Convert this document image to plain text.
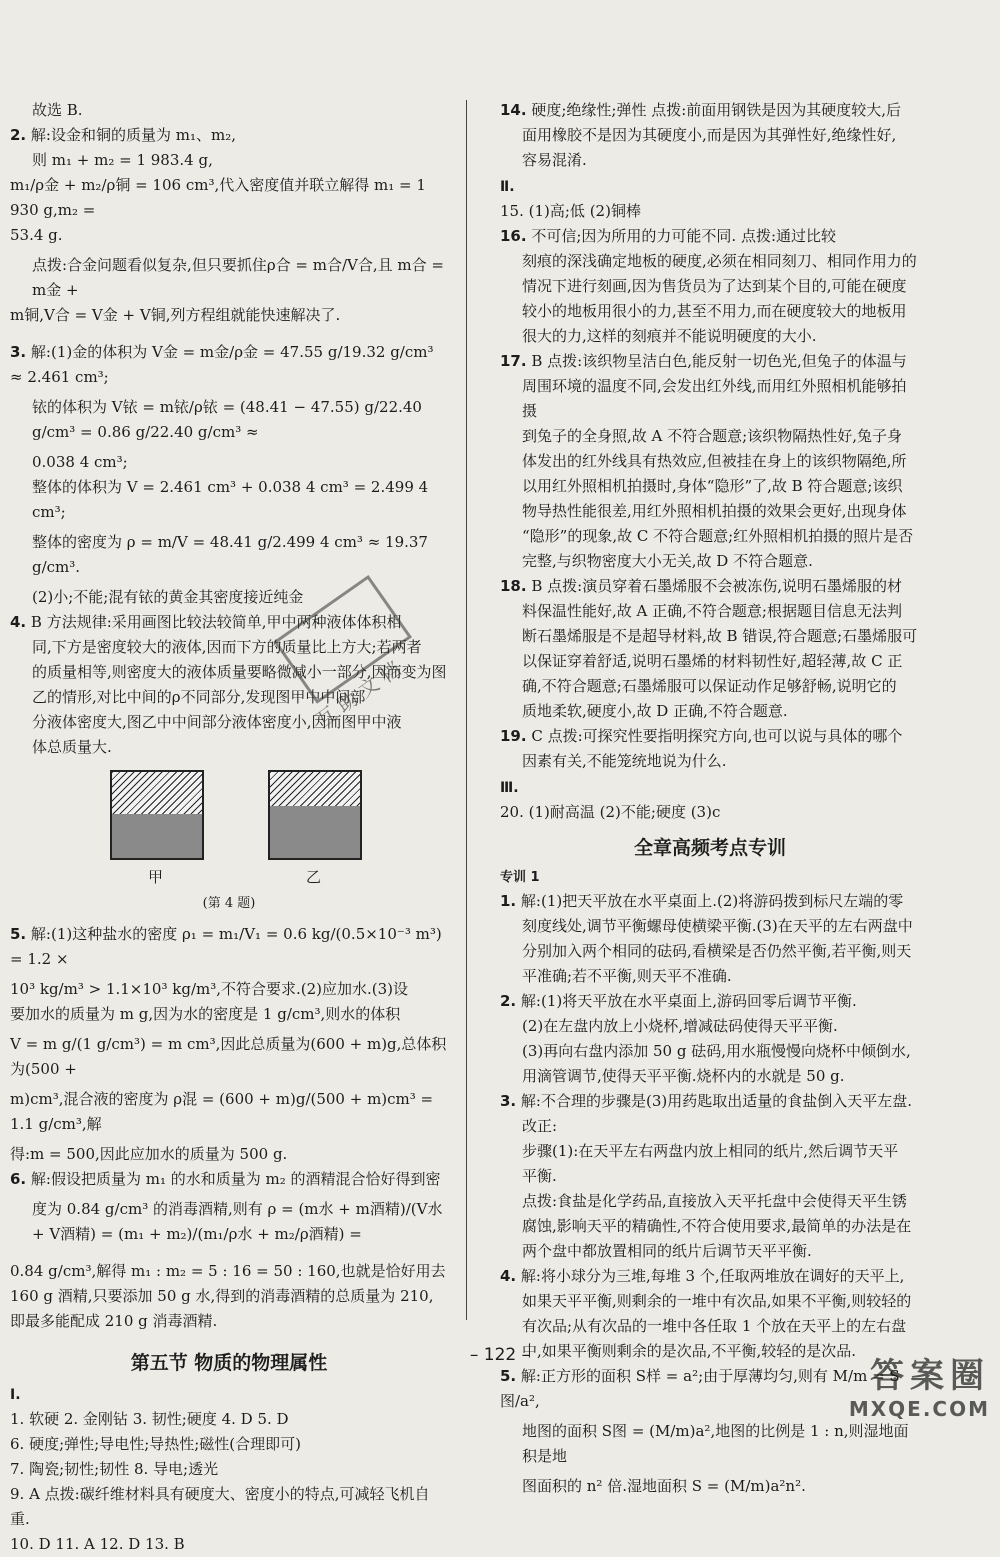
故选 B.

2. 解:设金和铜的质量为 m₁、m₂,

则 m₁ + m₂ = 1 983.4 g,

m₁/ρ金 + m₂/ρ铜 = 106 cm³,代入密度值并联立解得 m₁ = 1 930 g,m₂ =

53.4 g.

点拨:合金问题看似复杂,但只要抓住ρ合 = m合/V合,且 m合 = m金 +

m铜,V合 = V金 + V铜,列方程组就能快速解决了.

3. 解:(1)金的体积为 V金 = m金/ρ金 = 47.55 g/19.32 g/cm³ ≈ 2.461 cm³;

铱的体积为 V铱 = m铱/ρ铱 = (48.41 − 47.55) g/22.40 g/cm³ = 0.86 g/22.40 g/cm³ ≈

0.038 4 cm³;

整体的体积为 V = 2.461 cm³ + 0.038 4 cm³ = 2.499 4 cm³;

整体的密度为 ρ = m/V = 48.41 g/2.499 4 cm³ ≈ 19.37 g/cm³.

(2)小;不能;混有铱的黄金其密度接近纯金

4. B 方法规律:采用画图比较法较简单,甲中两种液体体积相

同,下方是密度较大的液体,因而下方的质量比上方大;若两者

的质量相等,则密度大的液体质量要略微减小一部分,因而变为图

乙的情形,对比中间的ρ不同部分,发现图甲中中间部

分液体密度大,图乙中中间部分液体密度小,因而图甲中液

体总质量大.

甲	乙
(第 4 题)

5. 解:(1)这种盐水的密度 ρ₁ = m₁/V₁ = 0.6 kg/(0.5×10⁻³ m³) = 1.2 ×

10³ kg/m³ > 1.1×10³ kg/m³,不符合要求.(2)应加水.(3)设

要加水的质量为 m g,因为水的密度是 1 g/cm³,则水的体积

V = m g/(1 g/cm³) = m cm³,因此总质量为(600 + m)g,总体积为(500 +

m)cm³,混合液的密度为 ρ混 = (600 + m)g/(500 + m)cm³ = 1.1 g/cm³,解

得:m = 500,因此应加水的质量为 500 g.

6. 解:假设把质量为 m₁ 的水和质量为 m₂ 的酒精混合恰好得到密

度为 0.84 g/cm³ 的消毒酒精,则有 ρ = (m水 + m酒精)/(V水 + V酒精) = (m₁ + m₂)/(m₁/ρ水 + m₂/ρ酒精) =

0.84 g/cm³,解得 m₁ : m₂ = 5 : 16 = 50 : 160,也就是恰好用去

160 g 酒精,只要添加 50 g 水,得到的消毒酒精的总质量为 210,

即最多能配成 210 g 消毒酒精.

第五节 物质的物理属性
Ⅰ.

1. 软硬 2. 金刚钻 3. 韧性;硬度 4. D 5. D

6. 硬度;弹性;导电性;导热性;磁性(合理即可)

7. 陶瓷;韧性;韧性 8. 导电;透光

9. A 点拨:碳纤维材料具有硬度大、密度小的特点,可减轻飞机自重.

10. D 11. A 12. D 13. B

14. 硬度;绝缘性;弹性 点拨:前面用钢铁是因为其硬度较大,后

面用橡胶不是因为其硬度小,而是因为其弹性好,绝缘性好,

容易混淆.

Ⅱ.

15. (1)高;低 (2)铜棒

16. 不可信;因为所用的力可能不同. 点拨:通过比较

刻痕的深浅确定地板的硬度,必须在相同刻刀、相同作用力的

情况下进行刻画,因为售货员为了达到某个目的,可能在硬度

较小的地板用很小的力,甚至不用力,而在硬度较大的地板用

很大的力,这样的刻痕并不能说明硬度的大小.

17. B 点拨:该织物呈洁白色,能反射一切色光,但兔子的体温与

周围环境的温度不同,会发出红外线,而用红外照相机能够拍摄

到兔子的全身照,故 A 不符合题意;该织物隔热性好,兔子身

体发出的红外线具有热效应,但被挂在身上的该织物隔绝,所

以用红外照相机拍摄时,身体“隐形”了,故 B 符合题意;该织

物导热性能很差,用红外照相机拍摄的效果会更好,出现身体

“隐形”的现象,故 C 不符合题意;红外照相机拍摄的照片是否

完整,与织物密度大小无关,故 D 不符合题意.

18. B 点拨:演员穿着石墨烯服不会被冻伤,说明石墨烯服的材

料保温性能好,故 A 正确,不符合题意;根据题目信息无法判

断石墨烯服是不是超导材料,故 B 错误,符合题意;石墨烯服可

以保证穿着舒适,说明石墨烯的材料韧性好,超轻薄,故 C 正

确,不符合题意;石墨烯服可以保证动作足够舒畅,说明它的

质地柔软,硬度小,故 D 正确,不符合题意.

19. C 点拨:可探究性要指明探究方向,也可以说与具体的哪个

因素有关,不能笼统地说为什么.

Ⅲ.

20. (1)耐高温 (2)不能;硬度 (3)c

全章高频考点专训
专训 1

1. 解:(1)把天平放在水平桌面上.(2)将游码拨到标尺左端的零

刻度线处,调节平衡螺母使横梁平衡.(3)在天平的左右两盘中

分别加入两个相同的砝码,看横梁是否仍然平衡,若平衡,则天

平准确;若不平衡,则天平不准确.

2. 解:(1)将天平放在水平桌面上,游码回零后调节平衡.

(2)在左盘内放上小烧杯,增减砝码使得天平平衡.

(3)再向右盘内添加 50 g 砝码,用水瓶慢慢向烧杯中倾倒水,

用滴管调节,使得天平平衡.烧杯内的水就是 50 g.

3. 解:不合理的步骤是(3)用药匙取出适量的食盐倒入天平左盘.

改正:

步骤(1):在天平左右两盘内放上相同的纸片,然后调节天平

平衡.

点拨:食盐是化学药品,直接放入天平托盘中会使得天平生锈

腐蚀,影响天平的精确性,不符合使用要求,最简单的办法是在

两个盘中都放置相同的纸片后调节天平平衡.

4. 解:将小球分为三堆,每堆 3 个,任取两堆放在调好的天平上,

如果天平平衡,则剩余的一堆中有次品,如果不平衡,则较轻的

有次品;从有次品的一堆中各任取 1 个放在天平上的左右盘

中,如果平衡则剩余的是次品,不平衡,较轻的是次品.

5. 解:正方形的面积 S样 = a²;由于厚薄均匀,则有 M/m = S图/a²,

地图的面积 S图 = (M/m)a²,地图的比例是 1 : n,则湿地面积是地

图面积的 n² 倍.湿地面积 S = (M/m)a²n².

互助文档
– 122 –
答案圈
MXQE.COM
